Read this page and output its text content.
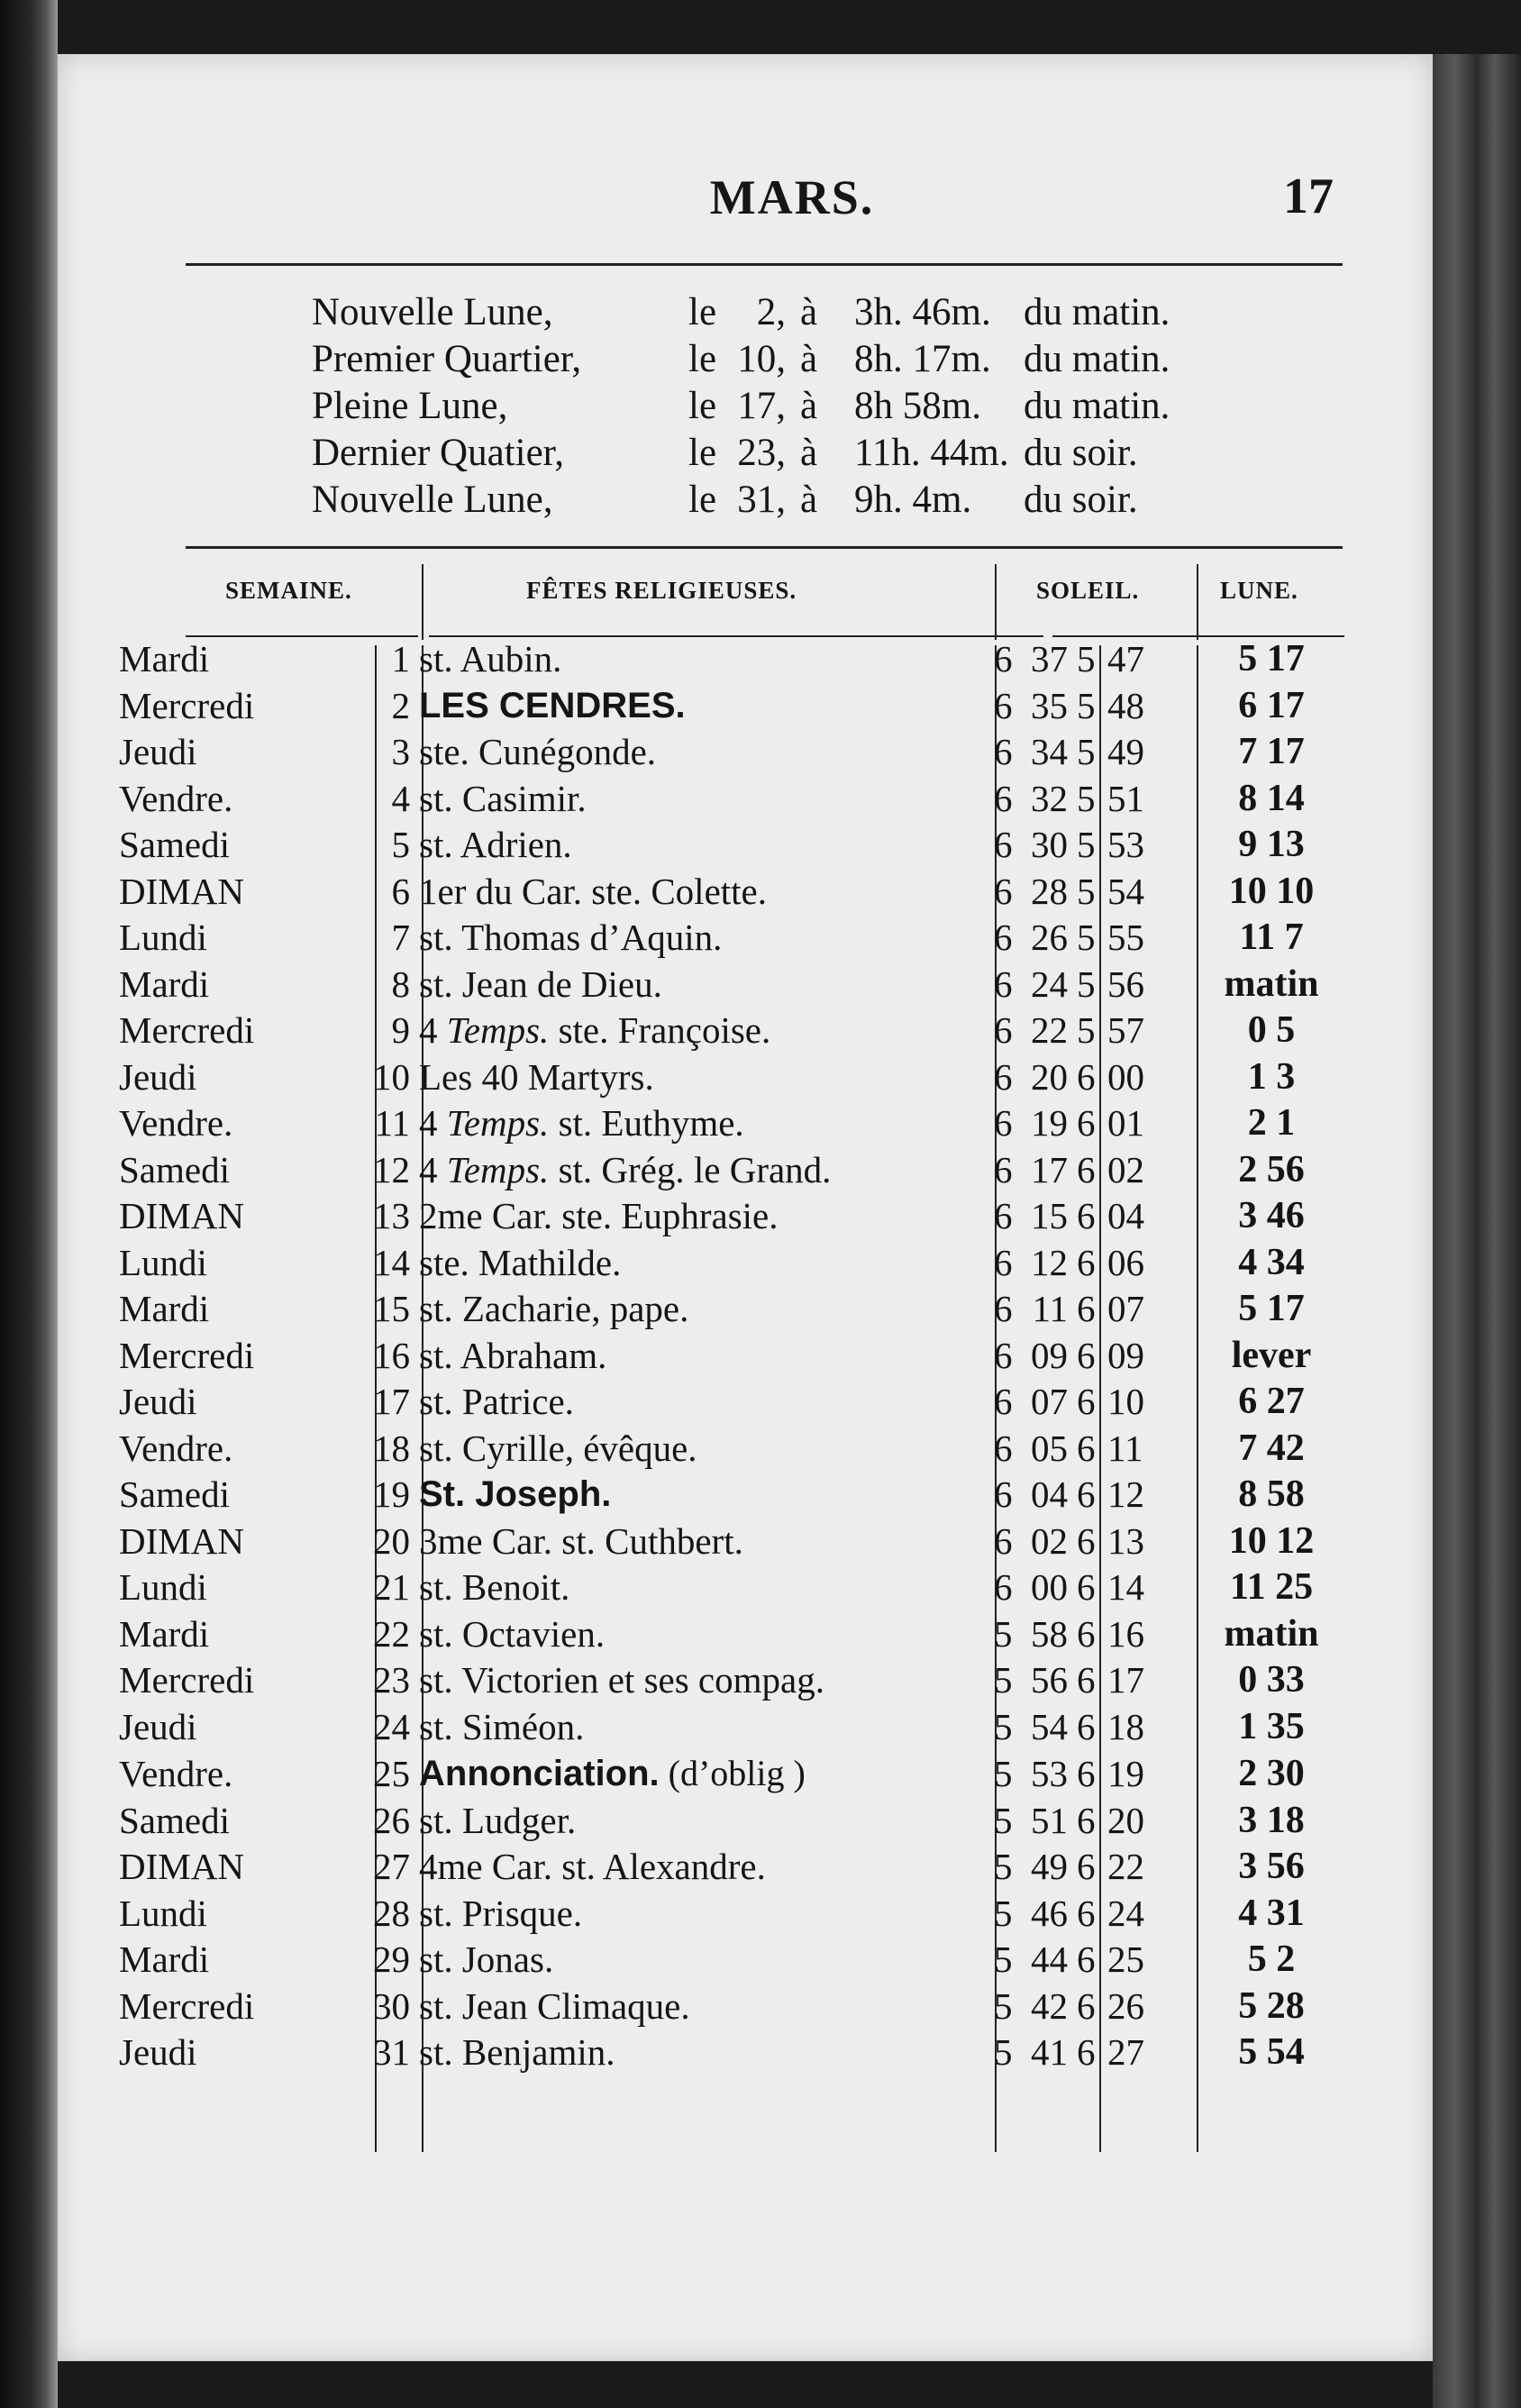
MARS.	17
Nouvelle Lune,	le	2, à 3h. 46m. du matin.
Premier Quartier,	le 10, à 8h. 17m. du matin.
Pleine Lune,	le 17, à 8h 58m.	du matin.
Dernier Quatier,	le 23, à 11h. 44m. du soir.
Nouvelle Lune,	le 31, à 9h. 4m.	du soir.
SEMAINE.	FÊTES RELIGIEUSES.	SOLEIL.	LUNE.
Mardi	1	st. Aubin.	6	37	5	47	5 17
Mercredi	2	LES CENDRES.	6	35	5	48	6 17
Jeudi	3	ste. Cunégonde.	6	34	5	49	7 17
Vendre.	4	st. Casimir.	6	32	5	51	8 14
Samedi	5	st. Adrien.	6	30	5	53	9 13
DIMAN	6	1er du Car. ste. Colette.	6	28	5	54	10 10
Lundi	7	st. Thomas d’Aquin.	6	26	5	55	11 7
Mardi	8	st. Jean de Dieu.	6	24	5	56	matin
Mercredi	9	4 Temps. ste. Françoise.	6	22	5	57	0 5
Jeudi	10	Les 40 Martyrs.	6	20	6	00	1 3
Vendre.	11	4 Temps. st. Euthyme.	6	19	6	01	2 1
Samedi	12	4 Temps. st. Grég. le Grand.	6	17	6	02	2 56
DIMAN	13	2me Car. ste. Euphrasie.	6	15	6	04	3 46
Lundi	14	ste. Mathilde.	6	12	6	06	4 34
Mardi	15	st. Zacharie, pape.	6	11	6	07	5 17
Mercredi	16	st. Abraham.	6	09	6	09	lever
Jeudi	17	st. Patrice.	6	07	6	10	6 27
Vendre.	18	st. Cyrille, évêque.	6	05	6	11	7 42
Samedi	19	St. Joseph.	6	04	6	12	8 58
DIMAN	20	3me Car. st. Cuthbert.	6	02	6	13	10 12
Lundi	21	st. Benoit.	6	00	6	14	11 25
Mardi	22	st. Octavien.	5	58	6	16	matin
Mercredi	23	st. Victorien et ses compag.	5	56	6	17	0 33
Jeudi	24	st. Siméon.	5	54	6	18	1 35
Vendre.	25	Annonciation. (d’oblig )	5	53	6	19	2 30
Samedi	26	st. Ludger.	5	51	6	20	3 18
DIMAN	27	4me Car. st. Alexandre.	5	49	6	22	3 56
Lundi	28	st. Prisque.	5	46	6	24	4 31
Mardi	29	st. Jonas.	5	44	6	25	5 2
Mercredi	30	st. Jean Climaque.	5	42	6	26	5 28
Jeudi	31	st. Benjamin.	5	41	6	27	5 54
